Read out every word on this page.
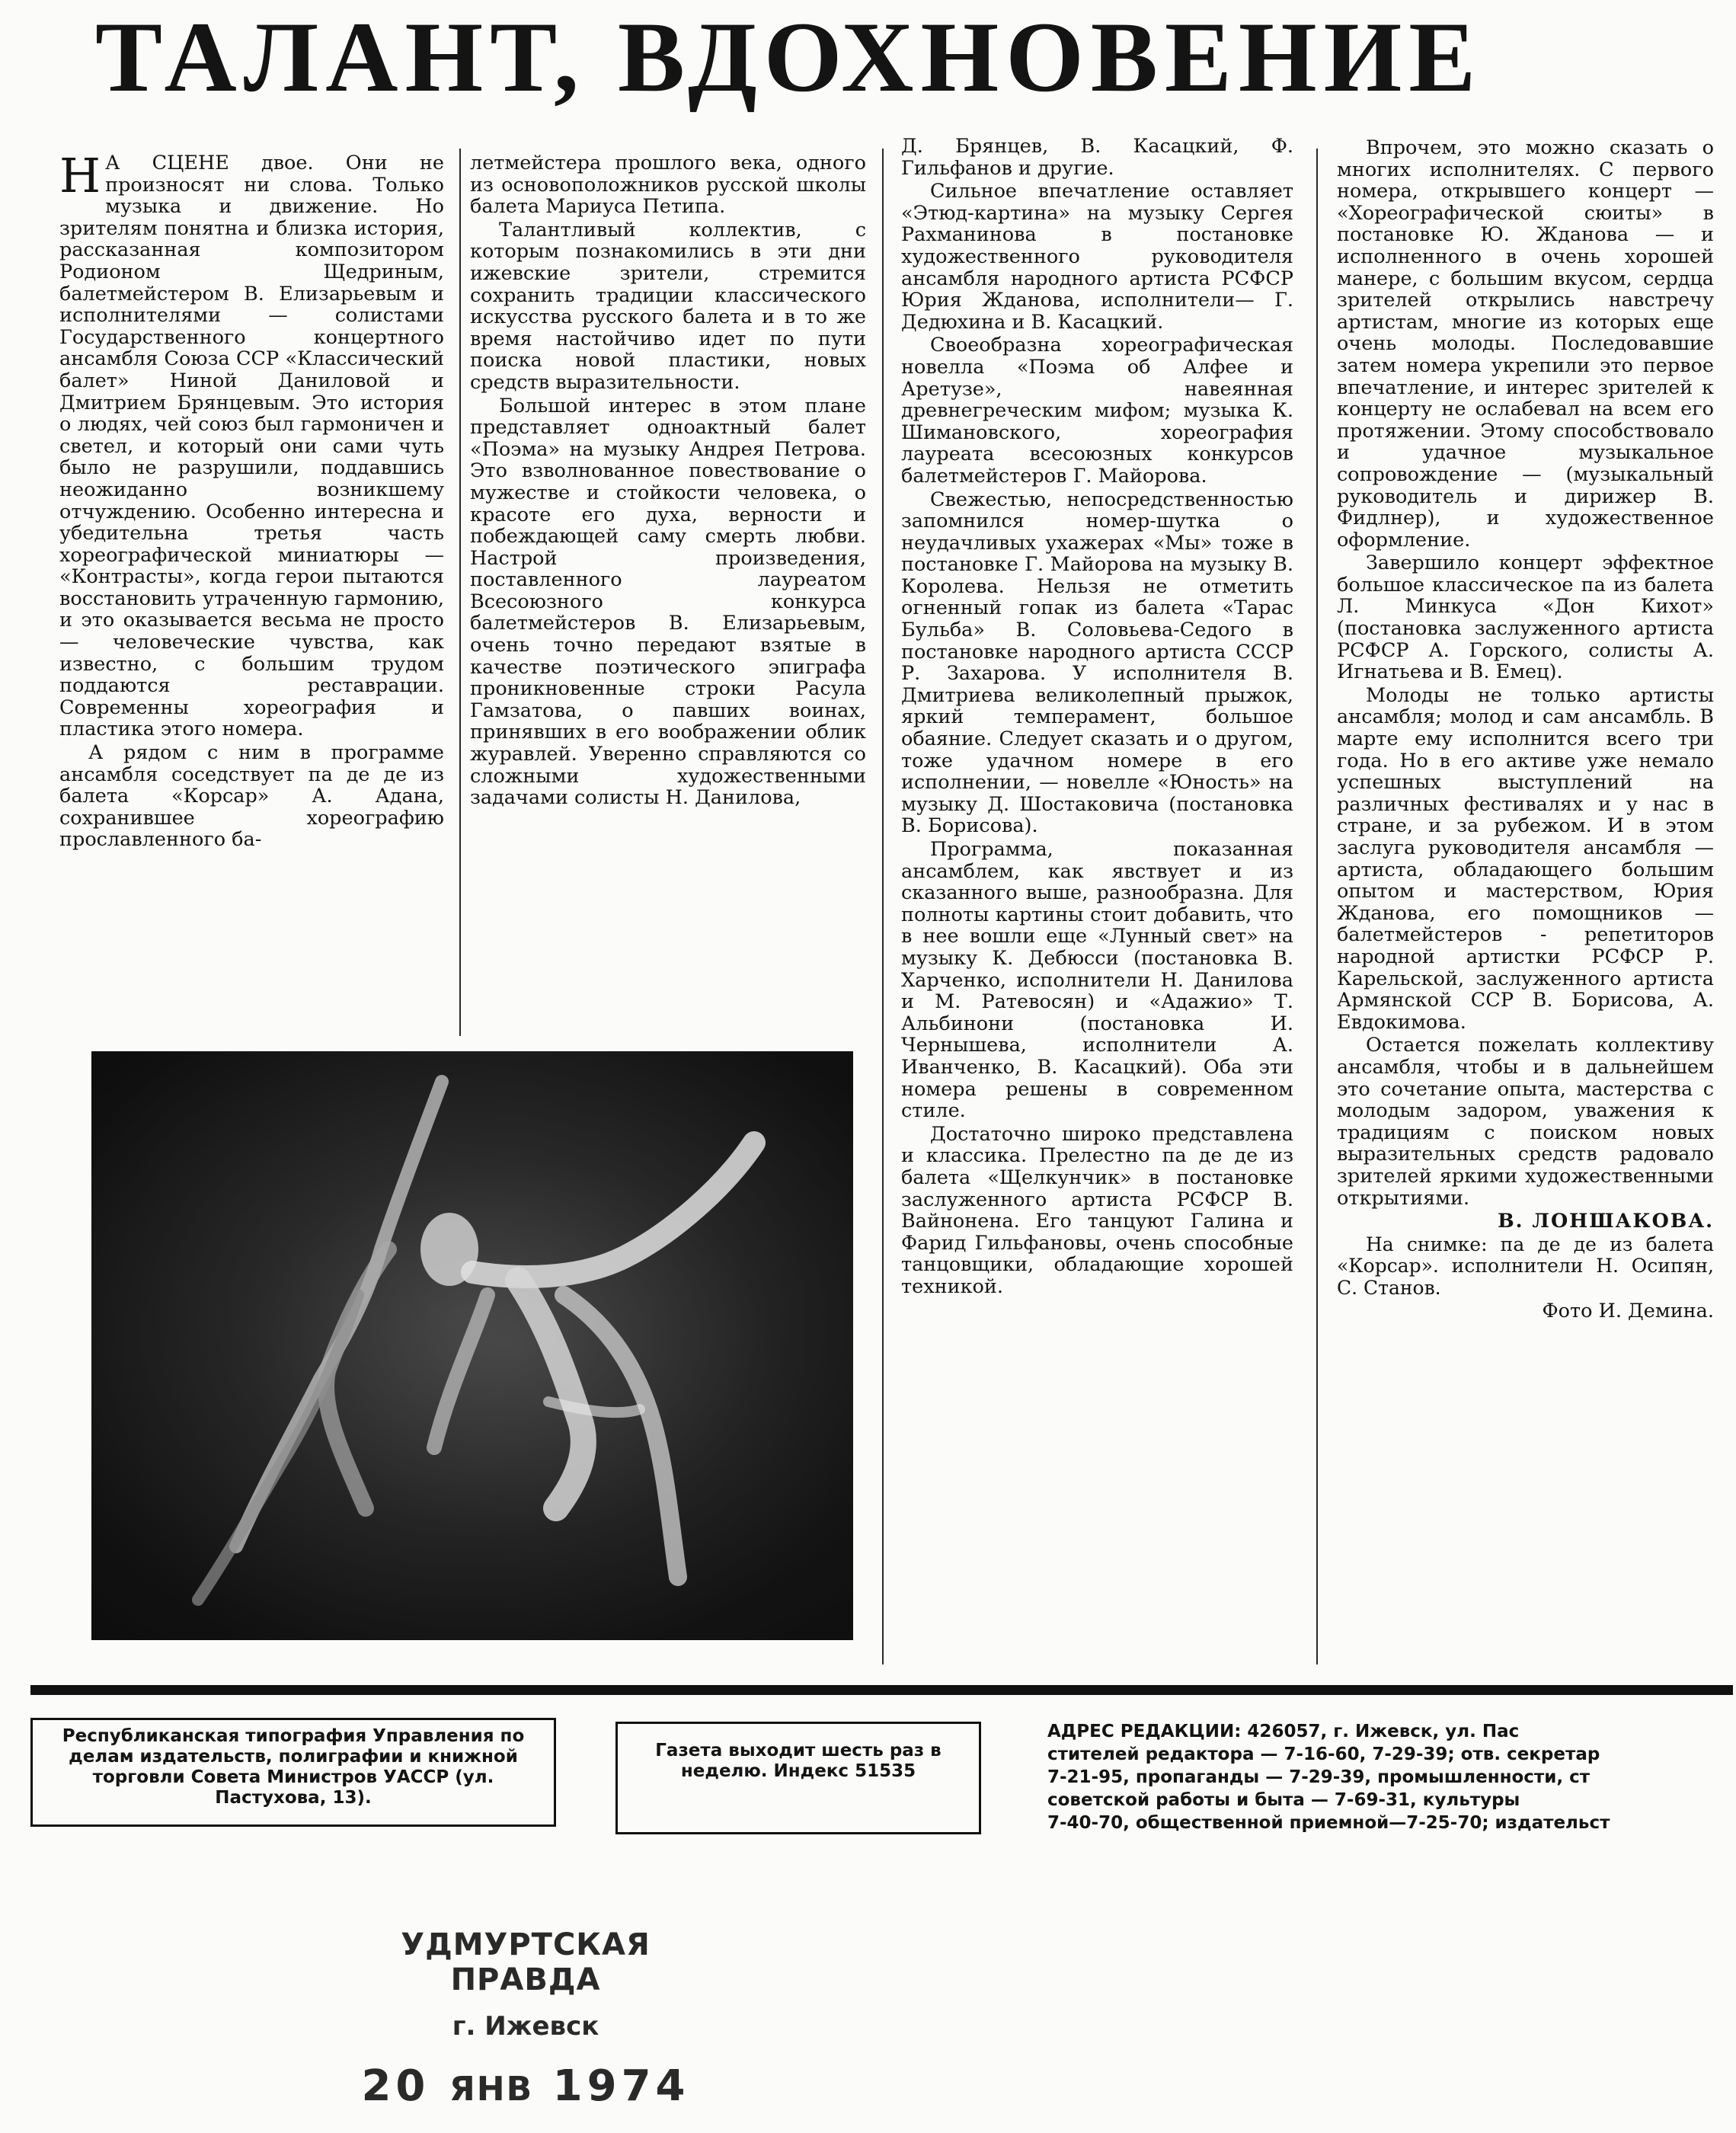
ТАЛАНТ, ВДОХНОВЕНИЕ

Н А СЦЕНЕ двое. Они не произносят ни слова. Только музыка и движение. Но зрителям понятна и близка история, рассказанная композитором Родионом Щедриным, балетмейстером В. Елизарьевым и исполнителями — солистами Государственного концертного ансамбля Союза ССР «Классический балет» Ниной Даниловой и Дмитрием Брянцевым. Это история о людях, чей союз был гармоничен и светел, и который они сами чуть было не разрушили, поддавшись неожиданно возникшему отчуждению. Особенно интересна и убедительна третья часть хореографической миниатюры — «Контрасты», когда герои пытаются восстановить утраченную гармонию, и это оказывается весьма не просто — человеческие чувства, как известно, с большим трудом поддаются реставрации. Современны хореография и пластика этого номера.

А рядом с ним в программе ансамбля соседствует па де де из балета «Корсар» А. Адана, сохранившее хореографию прославленного ба-

летмейстера прошлого века, одного из основоположников русской школы балета Мариуса Петипа.

Талантливый коллектив, с которым познакомились в эти дни ижевские зрители, стремится сохранить традиции классического искусства русского балета и в то же время настойчиво идет по пути поиска новой пластики, новых средств выразительности.

Большой интерес в этом плане представляет одноактный балет «Поэма» на музыку Андрея Петрова. Это взволнованное повествование о мужестве и стойкости человека, о красоте его духа, верности и побеждающей саму смерть любви. Настрой произведения, поставленного лауреатом Всесоюзного конкурса балетмейстеров В. Елизарьевым, очень точно передают взятые в качестве поэтического эпиграфа проникновенные строки Расула Гамзатова, о павших воинах, принявших в его воображении облик журавлей. Уверенно справляются со сложными художественными задачами солисты Н. Данилова,

Д. Брянцев, В. Касацкий, Ф. Гильфанов и другие.

Сильное впечатление оставляет «Этюд-картина» на музыку Сергея Рахманинова в постановке художественного руководителя ансамбля народного артиста РСФСР Юрия Жданова, исполнители— Г. Дедюхина и В. Касацкий.

Своеобразна хореографическая новелла «Поэма об Алфее и Аретузе», навеянная древнегреческим мифом; музыка К. Шимановского, хореография лауреата всесоюзных конкурсов балетмейстеров Г. Майорова.

Свежестью, непосредственностью запомнился номер-шутка о неудачливых ухажерах «Мы» тоже в постановке Г. Майорова на музыку В. Королева. Нельзя не отметить огненный гопак из балета «Тарас Бульба» В. Соловьева-Седого в постановке народного артиста СССР Р. Захарова. У исполнителя В. Дмитриева великолепный прыжок, яркий темперамент, большое обаяние. Следует сказать и о другом, тоже удачном номере в его исполнении, — новелле «Юность» на музыку Д. Шостаковича (постановка В. Борисова).

Программа, показанная ансамблем, как явствует и из сказанного выше, разнообразна. Для полноты картины стоит добавить, что в нее вошли еще «Лунный свет» на музыку К. Дебюсси (постановка В. Харченко, исполнители Н. Данилова и М. Ратевосян) и «Адажио» Т. Альбинони (постановка И. Чернышева, исполнители А. Иванченко, В. Касацкий). Оба эти номера решены в современном стиле.

Достаточно широко представлена и классика. Прелестно па де де из балета «Щелкунчик» в постановке заслуженного артиста РСФСР В. Вайнонена. Его танцуют Галина и Фарид Гильфановы, очень способные танцовщики, обладающие хорошей техникой.

Впрочем, это можно сказать о многих исполнителях. С первого номера, открывшего концерт — «Хореографической сюиты» в постановке Ю. Жданова — и исполненного в очень хорошей манере, с большим вкусом, сердца зрителей открылись навстречу артистам, многие из которых еще очень молоды. Последовавшие затем номера укрепили это первое впечатление, и интерес зрителей к концерту не ослабевал на всем его протяжении. Этому способствовало и удачное музыкальное сопровождение — (музыкальный руководитель и дирижер В. Фидлнер), и художественное оформление.

Завершило концерт эффектное большое классическое па из балета Л. Минкуса «Дон Кихот» (постановка заслуженного артиста РСФСР А. Горского, солисты А. Игнатьева и В. Емец).

Молоды не только артисты ансамбля; молод и сам ансамбль. В марте ему исполнится всего три года. Но в его активе уже немало успешных выступлений на различных фестивалях и у нас в стране, и за рубежом. И в этом заслуга руководителя ансамбля — артиста, обладающего большим опытом и мастерством, Юрия Жданова, его помощников — балетмейстеров - репетиторов народной артистки РСФСР Р. Карельской, заслуженного артиста Армянской ССР В. Борисова, А. Евдокимова.

Остается пожелать коллективу ансамбля, чтобы и в дальнейшем это сочетание опыта, мастерства с молодым задором, уважения к традициям с поиском новых выразительных средств радовало зрителей яркими художественными открытиями.

В. ЛОНШАКОВА.

На снимке: па де де из балета «Корсар». исполнители Н. Осипян, С. Станов.

Фото И. Демина.

Республиканская типография Управления по делам издательств, полиграфии и книжной торговли Совета Министров УАССР (ул. Пастухова, 13).
Газета выходит шесть раз в неделю. Индекс 51535
АДРЕС РЕДАКЦИИ: 426057, г. Ижевск, ул. Пас
стителей редактора — 7-16-60, 7-29-39; отв. секретар
7-21-95, пропаганды — 7-29-39, промышленности, ст
советской работы и быта — 7-69-31, культуры
7-40-70, общественной приемной—7-25-70; издательст
УДМУРТСКАЯ ПРАВДА
г. Ижевск
20 ЯНВ 1974
